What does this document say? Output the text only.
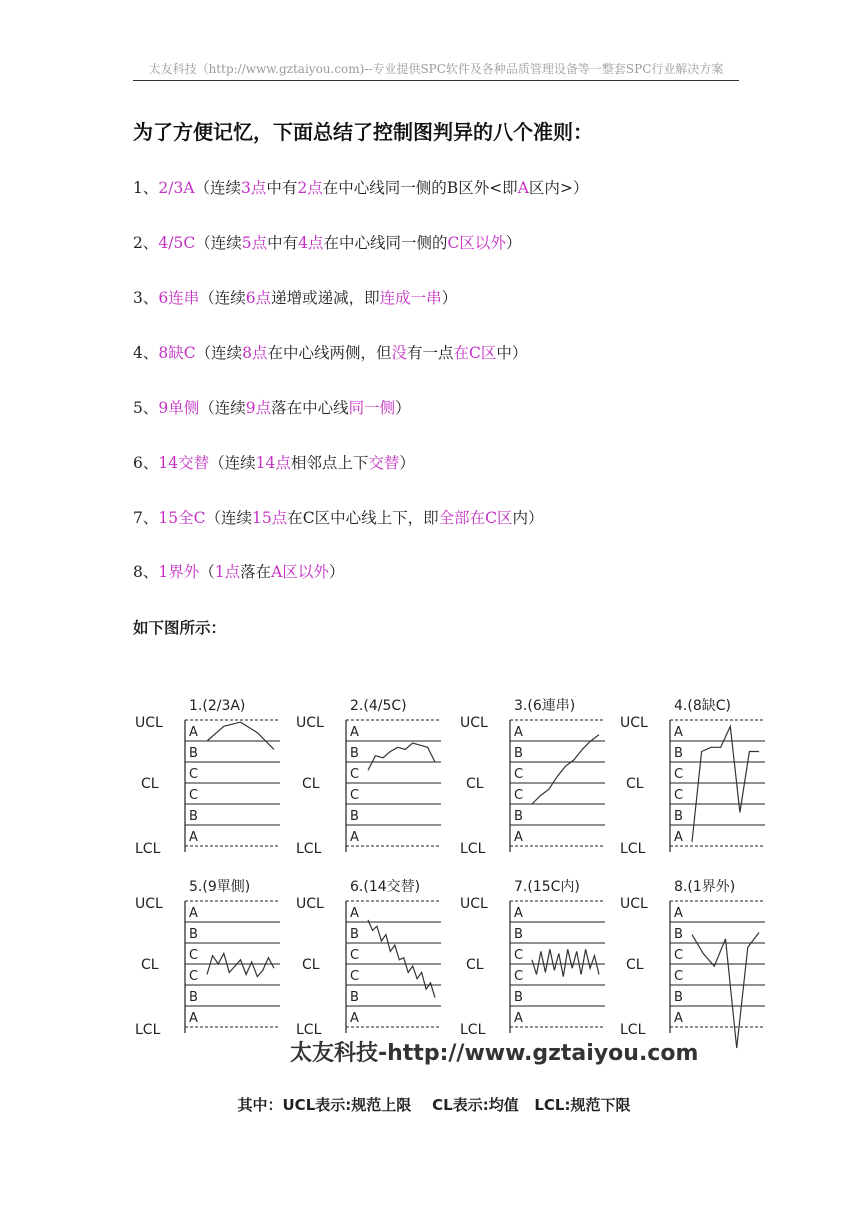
太友科技（http://www.gztaiyou.com)--专业提供SPC软件及各种品质管理设备等一整套SPC行业解决方案
为了方便记忆，下面总结了控制图判异的八个准则：
1、2/3A（连续3点中有2点在中心线同一侧的B区外<即A区内>）
2、4/5C（连续5点中有4点在中心线同一侧的C区以外）
3、6连串（连续6点递增或递减，即连成一串）
4、8缺C（连续8点在中心线两侧，但没有一点在C区中）
5、9单侧（连续9点落在中心线同一侧）
6、14交替（连续14点相邻点上下交替）
7、15全C（连续15点在C区中心线上下，即全部在C区内）
8、1界外（1点落在A区以外）
如下图所示：
1.(2/3A)
UCL
CL
LCL
A
B
C
C
B
A
2.(4/5C)
UCL
CL
LCL
A
B
C
C
B
A
3.(6連串)
UCL
CL
LCL
A
B
C
C
B
A
4.(8缺C)
UCL
CL
LCL
A
B
C
C
B
A
5.(9單側)
UCL
CL
LCL
A
B
C
C
B
A
6.(14交替)
UCL
CL
LCL
A
B
C
C
B
A
7.(15C内)
UCL
CL
LCL
A
B
C
C
B
A
8.(1界外)
UCL
CL
LCL
A
B
C
C
B
A
太友科技-http://www.gztaiyou.com
其中：UCL表示:规范上限    CL表示:均值   LCL:规范下限
